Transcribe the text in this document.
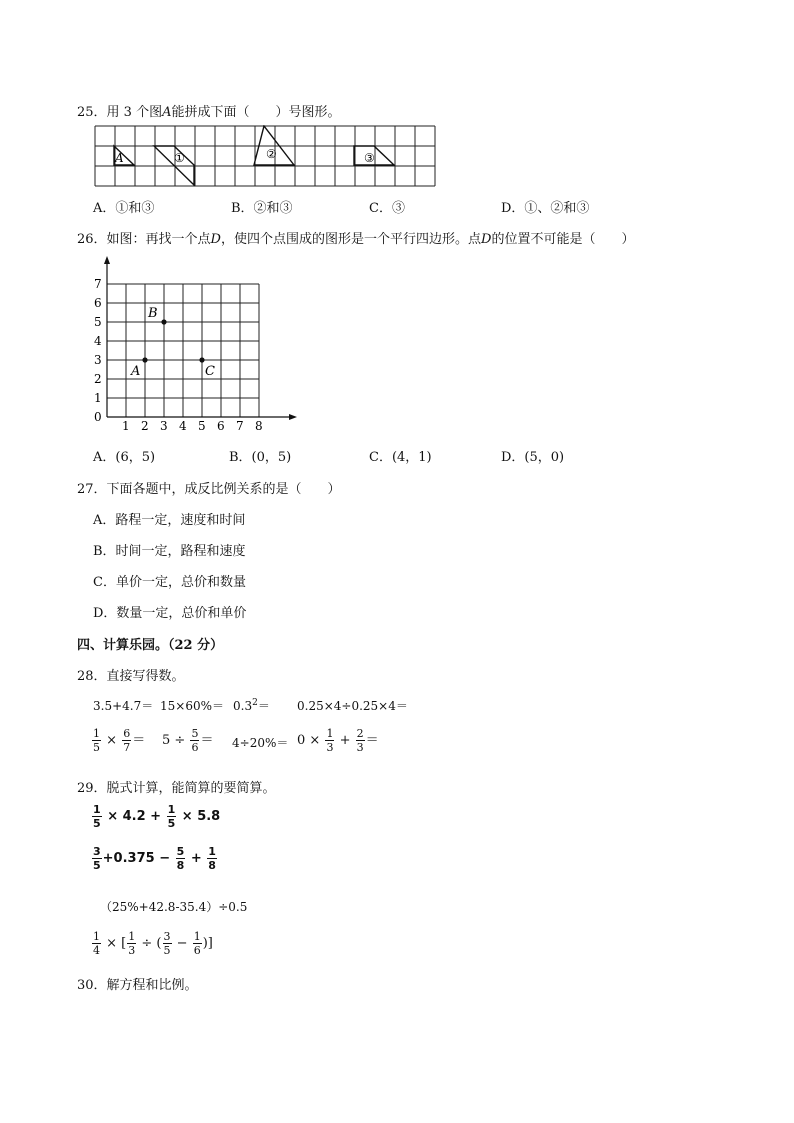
25．用 3 个图A能拼成下面（　　）号图形。
A	①	②	③
A．①和③	B．②和③	C．③	D．①、②和③
26．如图：再找一个点D，使四个点围成的图形是一个平行四边形。点D的位置不可能是（　　）
1 2 3 4 5 6 7 8
1
2
3
4
5
6
7
0
A
B
C
A．(6，5)	B．(0，5)	C．(4，1)	D．(5，0)
27．下面各题中，成反比例关系的是（　　）
A．路程一定，速度和时间
B．时间一定，路程和速度
C．单价一定，总价和数量
D．数量一定，总价和单价
四、计算乐园。（22 分）
28．直接写得数。
$3.5+4.7= 15\times 60\%= 0.3^2= 0.25\times 4\div 0.25\times 4=$
$\frac{1}{5} \times \frac{6}{7} = 5 \div \frac{5}{6} = 4\div 20\%= 0 \times \frac{1}{3} + \frac{2}{3}$ ＝
29．脱式计算，能简算的要简算。
$\frac{1}{5} \times 4.2 + \frac{1}{5} \times 5.8$
$\frac{3}{5} +0.375 - \frac{5}{8} + \frac{1}{8}$
（25%+42.8-35.4）÷0.5
$\frac{1}{4}$ × [ $\frac{1}{3}$ ÷ ( $\frac{3}{5} - \frac{1}{6}$ )]
30．解方程和比例。
